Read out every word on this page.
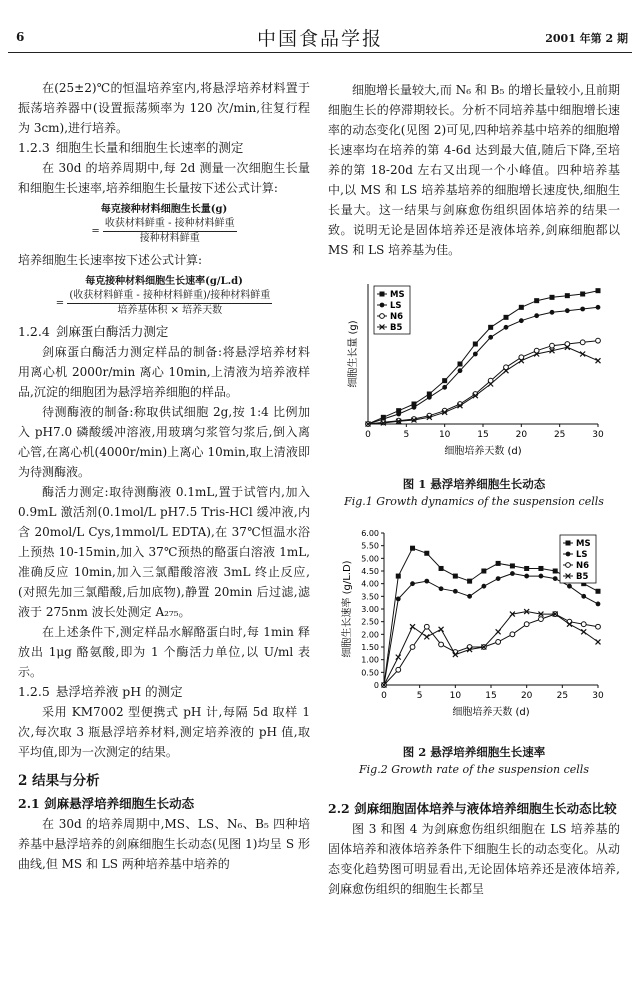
6	中国食品学报	2001 年第 2 期

在(25±2)℃的恒温培养室内,将悬浮培养材料置于振荡培养器中(设置振荡频率为 120 次/min,往复行程为 3cm),进行培养。

1.2.3 细胞生长量和细胞生长速率的测定

在 30d 的培养周期中,每 2d 测量一次细胞生长量和细胞生长速率,培养细胞生长量按下述公式计算:

每克接种材料细胞生长量(g)
= $\frac{\text{收获材料鲜重 - 接种材料鲜重}}{\text{接种材料鲜重}}$

培养细胞生长速率按下述公式计算:

每克接种材料细胞生长速率(g/L.d)
= $\frac{\text{(收获材料鲜重 - 接种材料鲜重)/接种材料鲜重}}{\text{培养基体积 × 培养天数}}$
1.2.4 剑麻蛋白酶活力测定

剑麻蛋白酶活力测定样品的制备:将悬浮培养材料用离心机 2000r/min 离心 10min,上清液为培养液样品,沉淀的细胞团为悬浮培养细胞的样品。

待测酶液的制备:称取供试细胞 2g,按 1:4 比例加入 pH7.0 磷酸缓冲溶液,用玻璃匀浆管匀浆后,倒入离心管,在离心机(4000r/min)上离心 10min,取上清液即为待测酶液。

酶活力测定:取待测酶液 0.1mL,置于试管内,加入 0.9mL 激活剂(0.1mol/L pH7.5 Tris-HCl 缓冲液,内含 20mol/L Cys,1mmol/L EDTA),在 37℃恒温水浴上预热 10-15min,加入 37℃预热的酪蛋白溶液 1mL,准确反应 10min,加入三氯醋酸溶液 3mL 终止反应,(对照先加三氯醋酸,后加底物),静置 20min 后过滤,滤液于 275nm 波长处测定 A₂₇₅。

在上述条件下,测定样品水解酪蛋白时,每 1min 释放出 1μg 酪氨酸,即为 1 个酶活力单位,以 U/ml 表示。

1.2.5 悬浮培养液 pH 的测定

采用 KM7002 型便携式 pH 计,每隔 5d 取样 1 次,每次取 3 瓶悬浮培养材料,测定培养液的 pH 值,取平均值,即为一次测定的结果。

2 结果与分析
2.1 剑麻悬浮培养细胞生长动态

在 30d 的培养周期中,MS、LS、N₆、B₅ 四种培养基中悬浮培养的剑麻细胞生长动态(见图 1)均呈 S 形曲线,但 MS 和 LS 两种培养基中培养的

细胞增长量较大,而 N₆ 和 B₅ 的增长量较小,且前期细胞生长的停滞期较长。分析不同培养基中细胞增长速率的动态变化(见图 2)可见,四种培养基中培养的细胞增长速率均在培养的第 4-6d 达到最大值,随后下降,至培养的第 18-20d 左右又出现一个小峰值。四种培养基中,以 MS 和 LS 培养基培养的细胞增长速度快,细胞生长量大。这一结果与剑麻愈伤组织固体培养的结果一致。说明无论是固体培养还是液体培养,剑麻细胞都以 MS 和 LS 培养基为佳。

0	5	10	15	20	25	30
细胞培养天数 (d)
细胞生长量 (g)
MS
LS
N6
B5

图 1 悬浮培养细胞生长动态

Fig.1 Growth dynamics of the suspension cells

0	5	10	15	20	25	30
0
0.50
1.00
1.50
2.00
2.50
3.00
3.50
4.00
4.50
5.00
5.50
6.00
细胞培养天数 (d)
细胞生长速率 (g/L.D)
MS
LS
N6
B5

图 2 悬浮培养细胞生长速率

Fig.2 Growth rate of the suspension cells

2.2 剑麻细胞固体培养与液体培养细胞生长动态比较

图 3 和图 4 为剑麻愈伤组织细胞在 LS 培养基的固体培养和液体培养条件下细胞生长的动态变化。从动态变化趋势图可明显看出,无论固体培养还是液体培养,剑麻愈伤组织的细胞生长都呈
